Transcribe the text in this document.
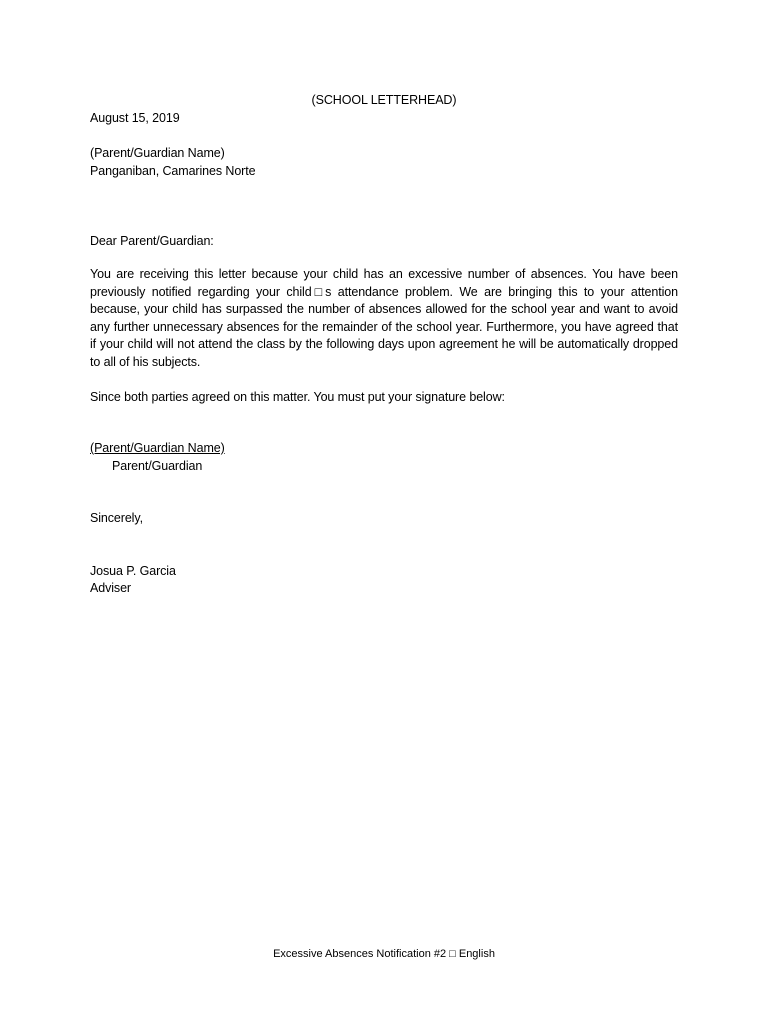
(SCHOOL LETTERHEAD)
August 15, 2019
(Parent/Guardian Name)
Panganiban, Camarines Norte
Dear Parent/Guardian:
You are receiving this letter because your child has an excessive number of absences. You have been previously notified regarding your child□s attendance problem. We are bringing this to your attention because, your child has surpassed the number of absences allowed for the school year and want to avoid any further unnecessary absences for the remainder of the school year. Furthermore, you have agreed that if your child will not attend the class by the following days upon agreement he will be automatically dropped to all of his subjects.
Since both parties agreed on this matter. You must put your signature below:
(Parent/Guardian Name)
Parent/Guardian
Sincerely,
Josua P. Garcia
Adviser
Excessive Absences Notification #2 □ English
